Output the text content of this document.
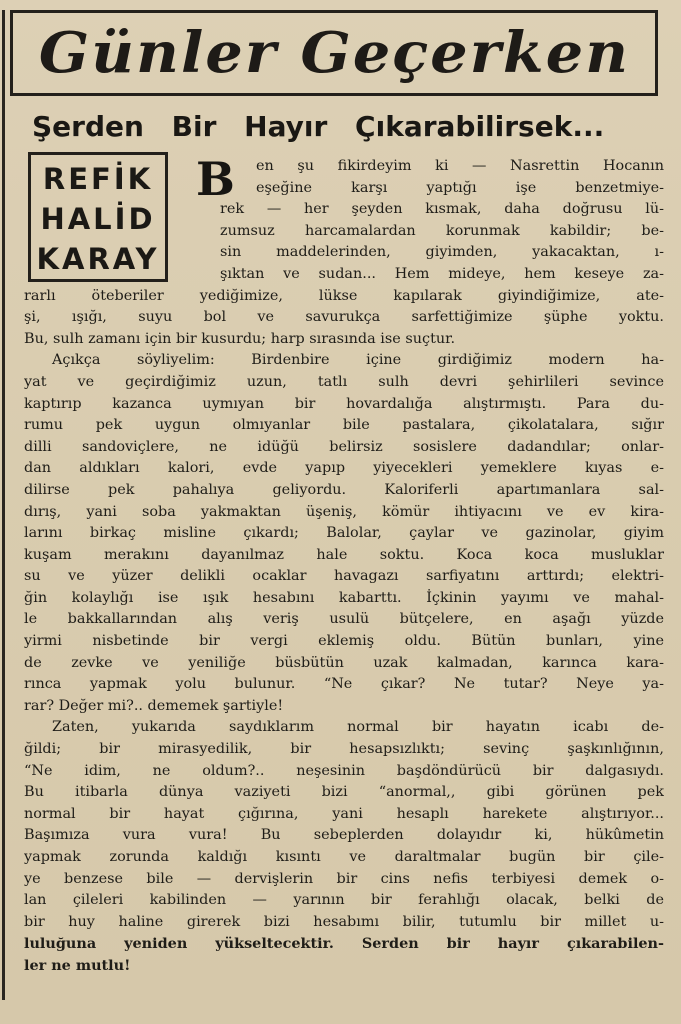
Günler Geçerken
Şerden Bir Hayır Çıkarabilirsek...
REFİK
HALİD
KARAY
B en şu fikirdeyim ki — Nasrettin Hocanın
eşeğine karşı yaptığı işe benzetmiye-
rek — her şeyden kısmak, daha doğrusu lü-
zumsuz harcamalardan korunmak kabildir; be-
sin maddelerinden, giyimden, yakacaktan, ı-
şıktan ve sudan... Hem mideye, hem keseye za-
rarlı öteberiler yediğimize, lükse kapılarak giyindiğimize, ate-
şi, ışığı, suyu bol ve savurukça sarfettiğimize şüphe yoktu.
Bu, sulh zamanı için bir kusurdu; harp sırasında ise suçtur.
Açıkça söyliyelim: Birdenbire içine girdiğimiz modern ha-
yat ve geçirdiğimiz uzun, tatlı sulh devri şehirlileri sevince
kaptırıp kazanca uymıyan bir hovardalığa alıştırmıştı. Para du-
rumu pek uygun olmıyanlar bile pastalara, çikolatalara, sığır
dilli sandoviçlere, ne idüğü belirsiz sosislere dadandılar; onlar-
dan aldıkları kalori, evde yapıp yiyecekleri yemeklere kıyas e-
dilirse pek pahalıya geliyordu. Kaloriferli apartımanlara sal-
dırış, yani soba yakmaktan üşeniş, kömür ihtiyacını ve ev kira-
larını birkaç misline çıkardı; Balolar, çaylar ve gazinolar, giyim
kuşam merakını dayanılmaz hale soktu. Koca koca musluklar
su ve yüzer delikli ocaklar havagazı sarfiyatını arttırdı; elektri-
ğin kolaylığı ise ışık hesabını kabarttı. İçkinin yayımı ve mahal-
le bakkallarından alış veriş usulü bütçelere, en aşağı yüzde
yirmi nisbetinde bir vergi eklemiş oldu. Bütün bunları, yine
de zevke ve yeniliğe büsbütün uzak kalmadan, karınca kara-
rınca yapmak yolu bulunur. “Ne çıkar? Ne tutar? Neye ya-
rar? Değer mi?.. dememek şartiyle!
Zaten, yukarıda saydıklarım normal bir hayatın icabı de-
ğildi; bir mirasyedilik, bir hesapsızlıktı; sevinç şaşkınlığının,
“Ne idim, ne oldum?.. neşesinin başdöndürücü bir dalgasıydı.
Bu itibarla dünya vaziyeti bizi “anormal,, gibi görünen pek
normal bir hayat çığırına, yani hesaplı harekete alıştırıyor...
Başımıza vura vura! Bu sebeplerden dolayıdır ki, hükûmetin
yapmak zorunda kaldığı kısıntı ve daraltmalar bugün bir çile-
ye benzese bile — dervişlerin bir cins nefis terbiyesi demek o-
lan çileleri kabilinden — yarının bir ferahlığı olacak, belki de
bir huy haline girerek bizi hesabımı bilir, tutumlu bir millet u-
luluğuna yeniden yükseltecektir. Serden bir hayır çıkarabilen-
ler ne mutlu!
